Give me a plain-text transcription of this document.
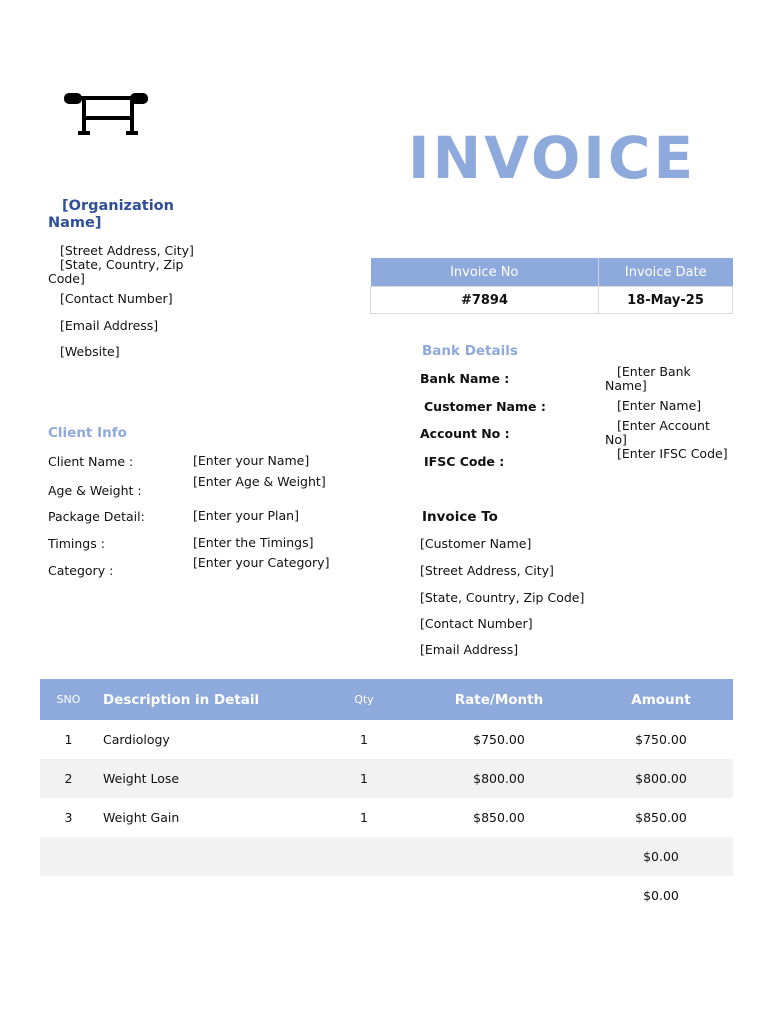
INVOICE
[Organization Name]
[Street Address, City]
[State, Country, Zip Code]
[Contact Number]
[Email Address]
[Website]
Invoice No	Invoice Date
#7894	18-May-25
Bank Details
Bank Name :	[Enter Bank Name]
Customer Name :	[Enter Name]
Account No :
[Enter Account No]
IFSC Code :
[Enter IFSC Code]
Client Info
Client Name :	[Enter your Name]
Age & Weight :
[Enter Age & Weight]
Package Detail:	[Enter your Plan]
Timings :	[Enter the Timings]
Category :
[Enter your Category]
Invoice To
[Customer Name]
[Street Address, City]
[State, Country, Zip Code]
[Contact Number]
[Email Address]
SNO	Description in Detail	Qty	Rate/Month	Amount
1	Cardiology	1	$750.00	$750.00
2	Weight Lose	1	$800.00	$800.00
3	Weight Gain	1	$850.00	$850.00
				$0.00
				$0.00
